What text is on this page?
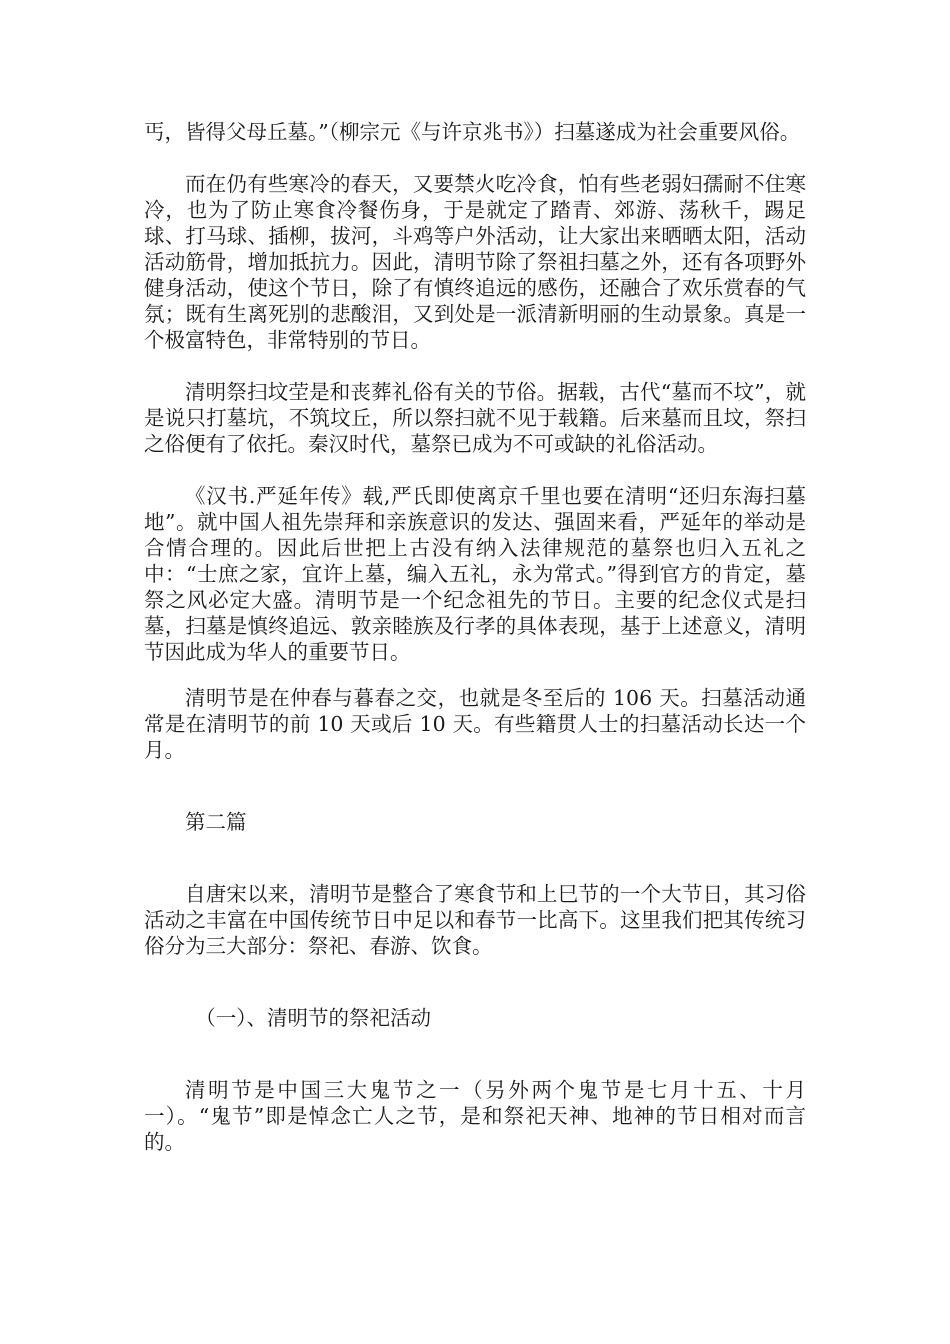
丐，皆得父母丘墓。”（柳宗元《与许京兆书》）扫墓遂成为社会重要风俗。

而在仍有些寒冷的春天，又要禁火吃冷食，怕有些老弱妇孺耐不住寒冷，也为了防止寒食冷餐伤身，于是就定了踏青、郊游、荡秋千，踢足球、打马球、插柳，拔河，斗鸡等户外活动，让大家出来晒晒太阳，活动活动筋骨，增加抵抗力。因此，清明节除了祭祖扫墓之外，还有各项野外健身活动，使这个节日，除了有慎终追远的感伤，还融合了欢乐赏春的气氛；既有生离死别的悲酸泪，又到处是一派清新明丽的生动景象。真是一个极富特色，非常特别的节日。

清明祭扫坟茔是和丧葬礼俗有关的节俗。据载，古代“墓而不坟”，就是说只打墓坑，不筑坟丘，所以祭扫就不见于载籍。后来墓而且坟，祭扫之俗便有了依托。秦汉时代，墓祭已成为不可或缺的礼俗活动。

《汉书.严延年传》载,严氏即使离京千里也要在清明“还归东海扫墓地”。就中国人祖先崇拜和亲族意识的发达、强固来看，严延年的举动是合情合理的。因此后世把上古没有纳入法律规范的墓祭也归入五礼之中：“士庶之家，宜许上墓，编入五礼，永为常式。”得到官方的肯定，墓祭之风必定大盛。清明节是一个纪念祖先的节日。主要的纪念仪式是扫墓，扫墓是慎终追远、敦亲睦族及行孝的具体表现，基于上述意义，清明节因此成为华人的重要节日。

清明节是在仲春与暮春之交，也就是冬至后的 106 天。扫墓活动通常是在清明节的前 10 天或后 10 天。有些籍贯人士的扫墓活动长达一个月。

第二篇

自唐宋以来，清明节是整合了寒食节和上巳节的一个大节日，其习俗活动之丰富在中国传统节日中足以和春节一比高下。这里我们把其传统习俗分为三大部分：祭祀、春游、饮食。

（一）、清明节的祭祀活动

清明节是中国三大鬼节之一（另外两个鬼节是七月十五、十月一）。“鬼节”即是悼念亡人之节，是和祭祀天神、地神的节日相对而言的。
